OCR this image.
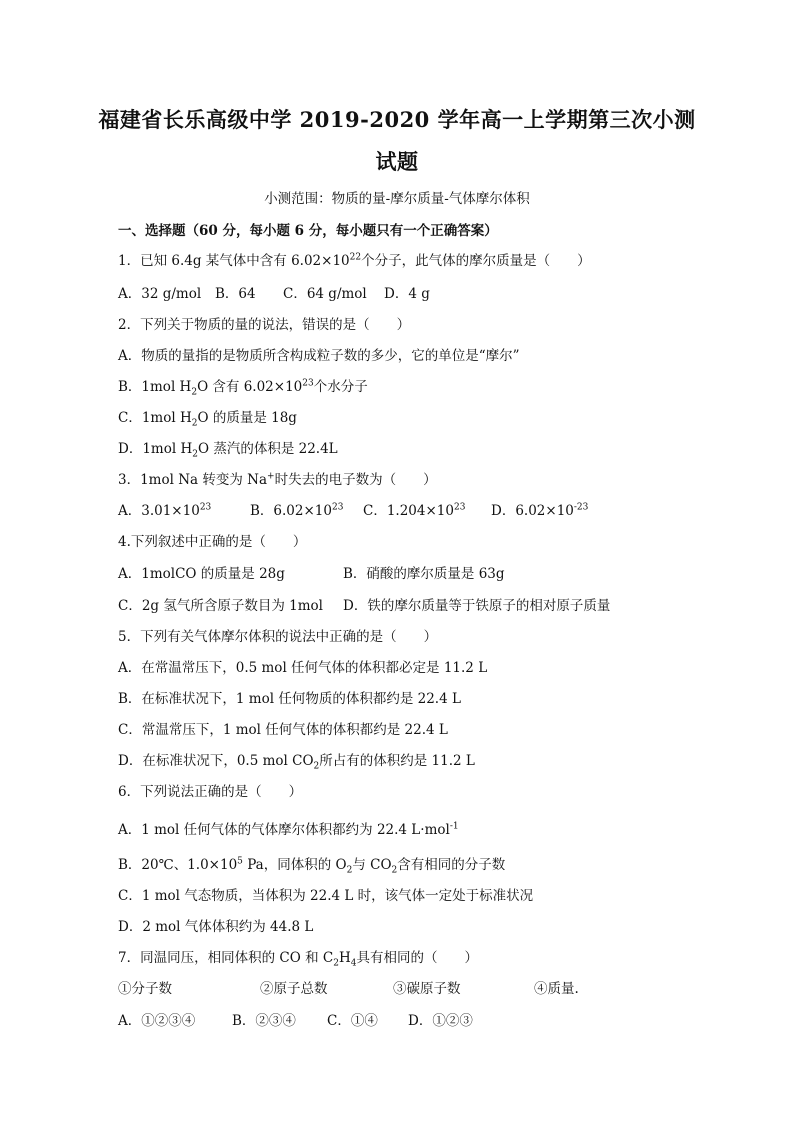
福建省长乐高级中学 2019-2020 学年高一上学期第三次小测
试题
小测范围：物质的量-摩尔质量-气体摩尔体积
一、选择题（60 分，每小题 6 分，每小题只有一个正确答案）
1．已知 6.4g 某气体中含有 $6.02\times 10^{22}$个分子，此气体的摩尔质量是（　　）
A．32 g/mol B．64 C．64 g/mol D．4 g
2．下列关于物质的量的说法，错误的是（　　）
A．物质的量指的是物质所含构成粒子数的多少，它的单位是“摩尔”
B．1mol $H_2O$ 含有 $6.02\times 10^{23}$个水分子
C．1mol $H_2O$ 的质量是 18g
D．1mol $H_2O$ 蒸汽的体积是 22.4L
3．1mol Na 转变为 Na+时失去的电子数为（　　）
A．$3.01\times 10^{23}$	B．$6.02\times 10^{23}$ C．$1.204\times 10^{23}$ D．$6.02\times 10^{-23}$
4.下列叙述中正确的是（　　）
A．1molCO 的质量是 28g	B．硝酸的摩尔质量是 63g
C．2g 氢气所含原子数目为 1mol D．铁的摩尔质量等于铁原子的相对原子质量
5．下列有关气体摩尔体积的说法中正确的是（　　）
A．在常温常压下，0.5 mol 任何气体的体积都必定是 11.2 L
B．在标准状况下，1 mol 任何物质的体积都约是 22.4 L
C．常温常压下，1 mol 任何气体的体积都约是 22.4 L
D．在标准状况下，0.5 mol $CO_2$所占有的体积约是 11.2 L
6．下列说法正确的是（　　）
A．1 mol 任何气体的气体摩尔体积都约为 22.4 L·mol$^{-1}$
B．20℃、$1.0\times 10^5$ Pa，同体积的 $O_2$与 $CO_2$含有相同的分子数
C．1 mol 气态物质，当体积为 22.4 L 时，该气体一定处于标准状况
D．2 mol 气体体积约为 44.8 L
7．同温同压，相同体积的 CO 和 $C_2H_4$具有相同的（　　）
①分子数	②原子总数	③碳原子数	④质量.
A．①②③④	B．②③④ C．①④ D．①②③
